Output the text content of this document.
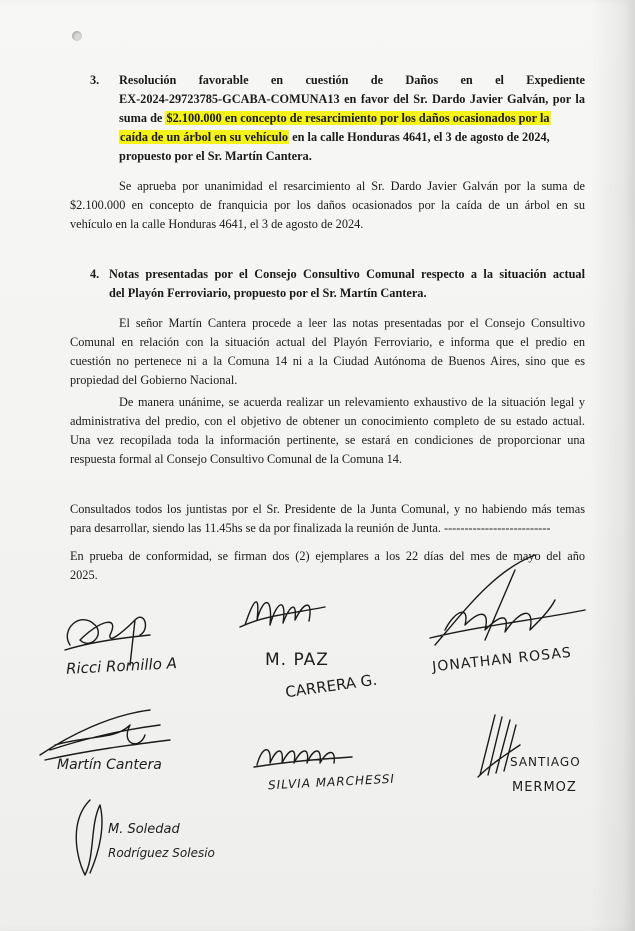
3. Resolución favorable en cuestión de Daños en el Expediente
EX-2024-29723785-GCABA-COMUNA13 en favor del Sr. Dardo Javier Galván, por la
suma de $2.100.000 en concepto de resarcimiento por los daños ocasionados por la
caída de un árbol en su vehículo en la calle Honduras 4641, el 3 de agosto de 2024,
propuesto por el Sr. Martín Cantera.
Se aprueba por unanimidad el resarcimiento al Sr. Dardo Javier Galván por la suma de
$2.100.000 en concepto de franquicia por los daños ocasionados por la caída de un árbol en su
vehículo en la calle Honduras 4641, el 3 de agosto de 2024.
4. Notas presentadas por el Consejo Consultivo Comunal respecto a la situación actual
del Playón Ferroviario, propuesto por el Sr. Martín Cantera.
El señor Martín Cantera procede a leer las notas presentadas por el Consejo Consultivo
Comunal en relación con la situación actual del Playón Ferroviario, e informa que el predio en
cuestión no pertenece ni a la Comuna 14 ni a la Ciudad Autónoma de Buenos Aires, sino que es
propiedad del Gobierno Nacional.
De manera unánime, se acuerda realizar un relevamiento exhaustivo de la situación legal y
administrativa del predio, con el objetivo de obtener un conocimiento completo de su estado actual.
Una vez recopilada toda la información pertinente, se estará en condiciones de proporcionar una
respuesta formal al Consejo Consultivo Comunal de la Comuna 14.
Consultados todos los juntistas por el Sr. Presidente de la Junta Comunal, y no habiendo más temas
para desarrollar, siendo las 11.45hs se da por finalizada la reunión de Junta. --------------------------
En prueba de conformidad, se firman dos (2) ejemplares a los 22 días del mes de mayo del año
2025.
Ricci Romillo A	M. PAZ
CARRERA G.
JONATHAN ROSAS
Martín Cantera
SILVIA MARCHESSI
SANTIAGO
MERMOZ
M. Soledad
Rodríguez Solesio
